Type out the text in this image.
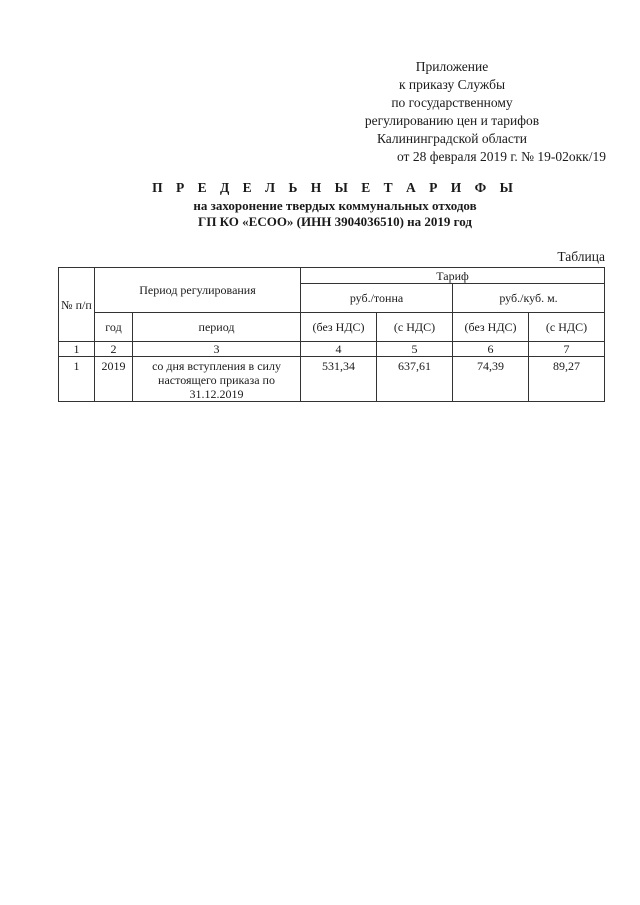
Приложение
к приказу Службы
по государственному
регулированию цен и тарифов
Калининградской области
от 28 февраля 2019 г. № 19-02окк/19
П Р Е Д Е Л Ь Н Ы Е Т А Р И Ф Ы
на захоронение твердых коммунальных отходов
ГП КО «ЕСОО» (ИНН 3904036510) на 2019 год
Таблица
№ п/п	Период регулирования		Тариф			
			руб./тонна		руб./куб. м.	
	год	период	(без НДС)	(с НДС)	(без НДС)	(с НДС)
1	2	3	4	5	6	7
1	2019	со дня вступления в силу настоящего приказа по 31.12.2019	531,34	637,61	74,39	89,27
